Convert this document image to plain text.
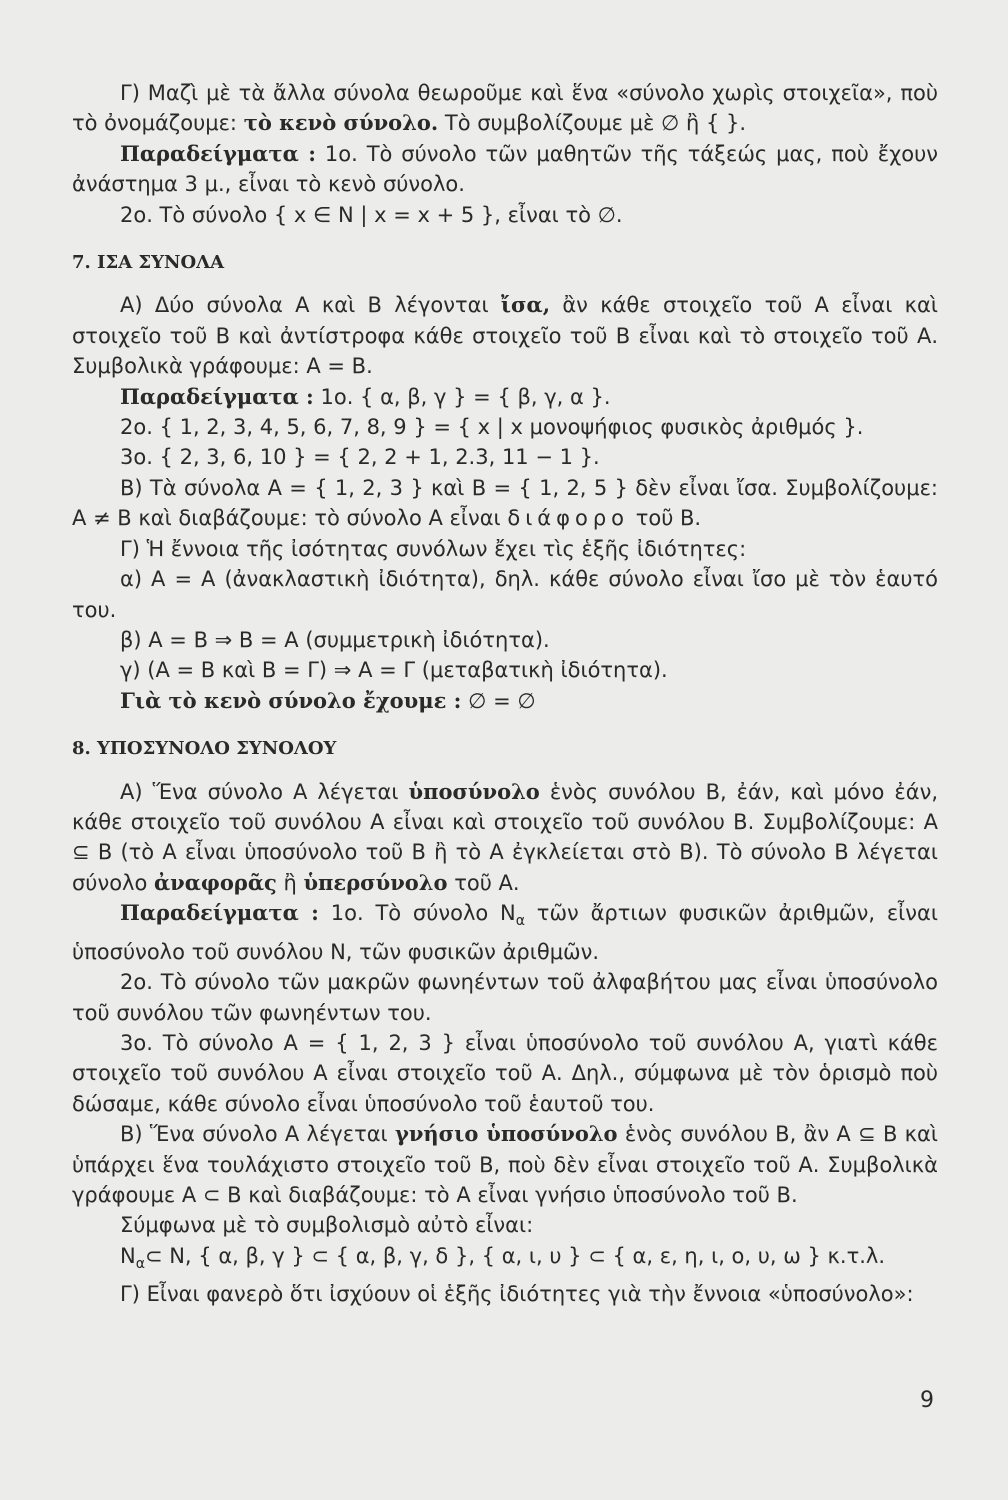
Γ) Μαζὶ μὲ τὰ ἄλλα σύνολα θεωροῦμε καὶ ἕνα «σύνολο χωρὶς στοιχεῖα», ποὺ τὸ ὀνομάζουμε: τὸ κενὸ σύνολο. Τὸ συμβολίζουμε μὲ ∅ ἢ { }.

Παραδείγματα : 1ο. Τὸ σύνολο τῶν μαθητῶν τῆς τάξεώς μας, ποὺ ἔχουν ἀνάστημα 3 μ., εἶναι τὸ κενὸ σύνολο.

2ο. Τὸ σύνολο { x ∈ N | x = x + 5 }, εἶναι τὸ ∅.

7. ΙΣΑ ΣΥΝΟΛΑ

Α) Δύο σύνολα Α καὶ Β λέγονται ἴσα, ἂν κάθε στοιχεῖο τοῦ Α εἶναι καὶ στοιχεῖο τοῦ Β καὶ ἀντίστροφα κάθε στοιχεῖο τοῦ Β εἶναι καὶ τὸ στοιχεῖο τοῦ Α. Συμβολικὰ γράφουμε: Α = Β.

Παραδείγματα : 1ο. { α, β, γ } = { β, γ, α }.

2ο. { 1, 2, 3, 4, 5, 6, 7, 8, 9 } = { x | x μονοψήφιος φυσικὸς ἀριθμός }.

3ο. { 2, 3, 6, 10 } = { 2, 2 + 1, 2.3, 11 − 1 }.

Β) Τὰ σύνολα Α = { 1, 2, 3 } καὶ Β = { 1, 2, 5 } δὲν εἶναι ἴσα. Συμβολίζουμε: Α ≠ Β καὶ διαβάζουμε: τὸ σύνολο Α εἶναι διάφορο τοῦ Β.

Γ) Ἡ ἔννοια τῆς ἰσότητας συνόλων ἔχει τὶς ἑξῆς ἰδιότητες:

α) Α = Α (ἀνακλαστικὴ ἰδιότητα), δηλ. κάθε σύνολο εἶναι ἴσο μὲ τὸν ἑαυτό του.

β) Α = Β ⇒ Β = Α (συμμετρικὴ ἰδιότητα).

γ) (Α = Β καὶ Β = Γ) ⇒ Α = Γ (μεταβατικὴ ἰδιότητα).

Γιὰ τὸ κενὸ σύνολο ἔχουμε : ∅ = ∅

8. ΥΠΟΣΥΝΟΛΟ ΣΥΝΟΛΟΥ

Α) Ἕνα σύνολο Α λέγεται ὑποσύνολο ἑνὸς συνόλου Β, ἐάν, καὶ μόνο ἐάν, κάθε στοιχεῖο τοῦ συνόλου Α εἶναι καὶ στοιχεῖο τοῦ συνόλου Β. Συμβολίζουμε: Α ⊆ Β (τὸ Α εἶναι ὑποσύνολο τοῦ Β ἢ τὸ Α ἐγκλείεται στὸ Β). Τὸ σύνολο Β λέγεται σύνολο ἀναφορᾶς ἢ ὑπερσύνολο τοῦ Α.

Παραδείγματα : 1ο. Τὸ σύνολο $N_\alpha$ τῶν ἄρτιων φυσικῶν ἀριθμῶν, εἶναι ὑποσύνολο τοῦ συνόλου Ν, τῶν φυσικῶν ἀριθμῶν.

2ο. Τὸ σύνολο τῶν μακρῶν φωνηέντων τοῦ ἀλφαβήτου μας εἶναι ὑποσύνολο τοῦ συνόλου τῶν φωνηέντων του.

3ο. Τὸ σύνολο Α = { 1, 2, 3 } εἶναι ὑποσύνολο τοῦ συνόλου Α, γιατὶ κάθε στοιχεῖο τοῦ συνόλου Α εἶναι στοιχεῖο τοῦ Α. Δηλ., σύμφωνα μὲ τὸν ὁρισμὸ ποὺ δώσαμε, κάθε σύνολο εἶναι ὑποσύνολο τοῦ ἑαυτοῦ του.

Β) Ἕνα σύνολο Α λέγεται γνήσιο ὑποσύνολο ἑνὸς συνόλου Β, ἂν Α ⊆ Β καὶ ὑπάρχει ἕνα τουλάχιστο στοιχεῖο τοῦ Β, ποὺ δὲν εἶναι στοιχεῖο τοῦ Α. Συμβολικὰ γράφουμε Α ⊂ Β καὶ διαβάζουμε: τὸ Α εἶναι γνήσιο ὑποσύνολο τοῦ Β.

Σύμφωνα μὲ τὸ συμβολισμὸ αὐτὸ εἶναι:

$N_\alpha\subset$ N, { α, β, γ } ⊂ { α, β, γ, δ }, { α, ι, υ } ⊂ { α, ε, η, ι, ο, υ, ω } κ.τ.λ.

Γ) Εἶναι φανερὸ ὅτι ἰσχύουν οἱ ἑξῆς ἰδιότητες γιὰ τὴν ἔννοια «ὑποσύνολο»:

9
